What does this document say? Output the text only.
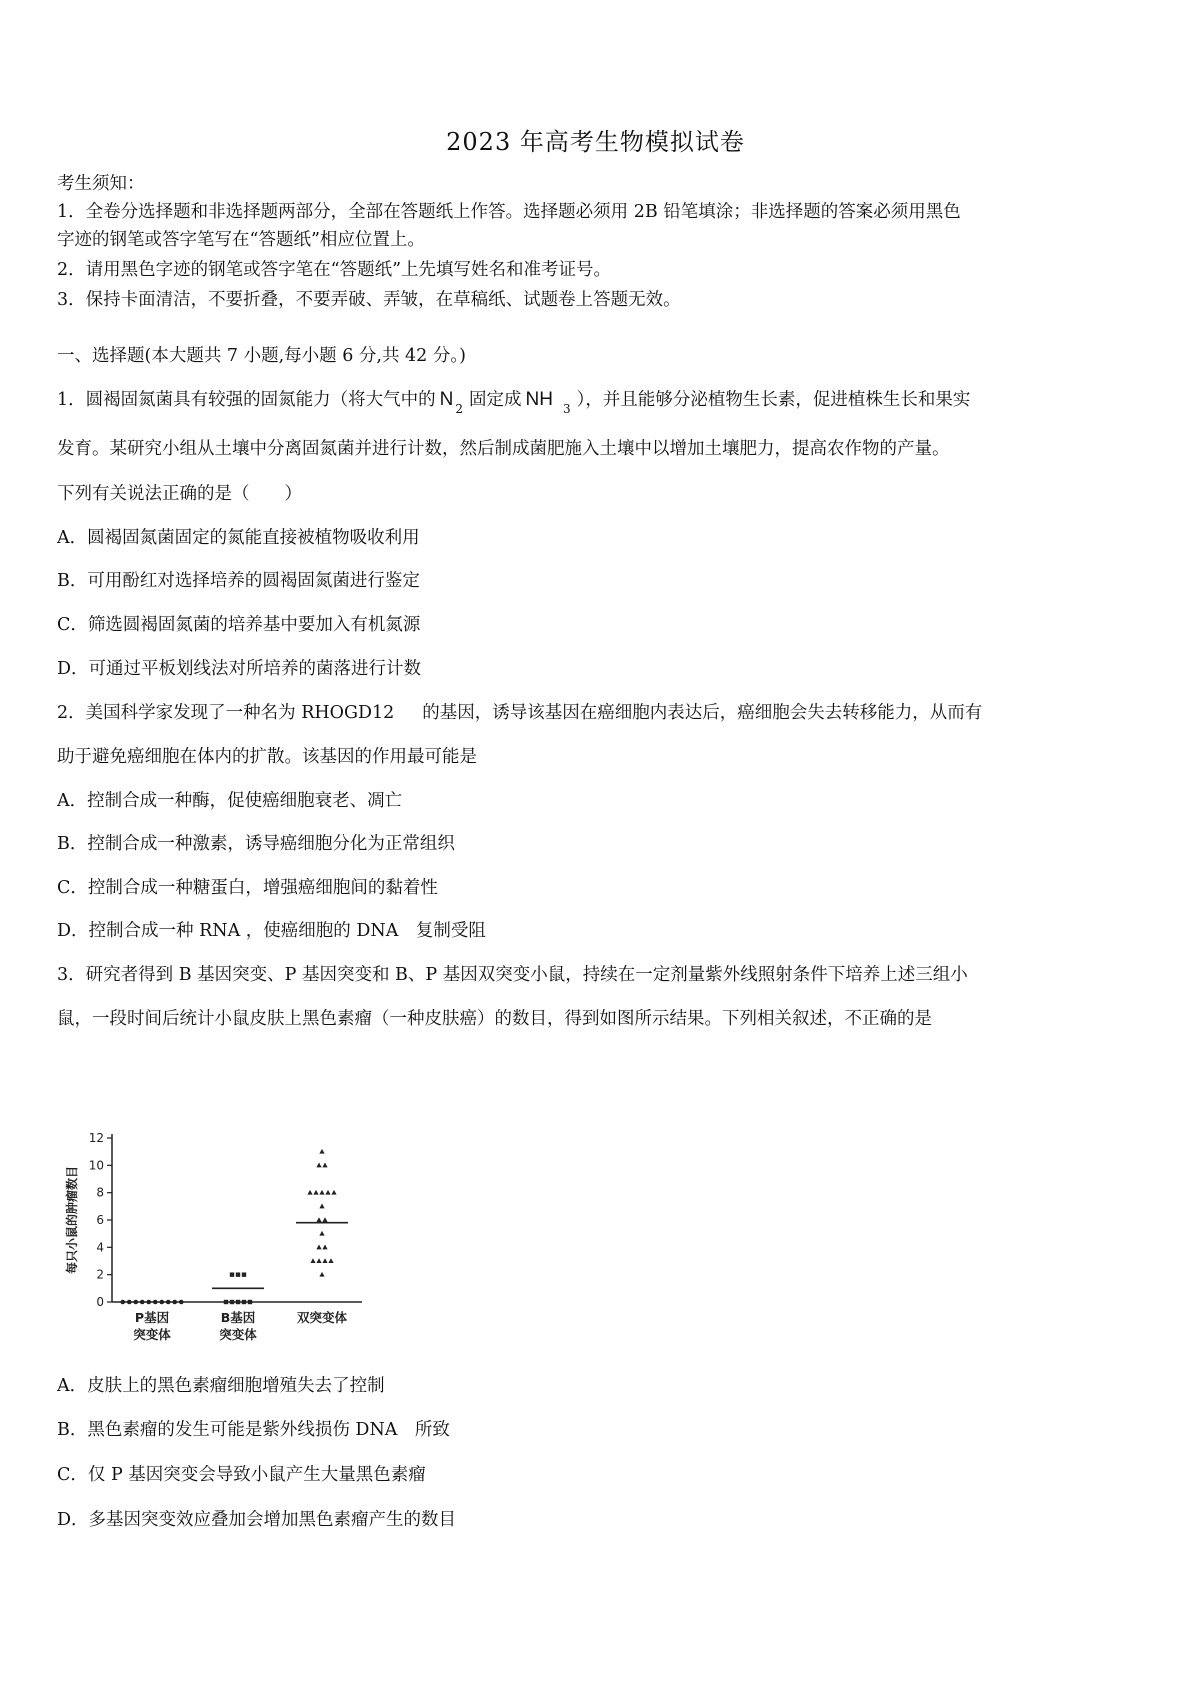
2023 年高考生物模拟试卷
考生须知：
1．全卷分选择题和非选择题两部分，全部在答题纸上作答。选择题必须用 2B 铅笔填涂；非选择题的答案必须用黑色
字迹的钢笔或答字笔写在“答题纸”相应位置上。
2．请用黑色字迹的钢笔或答字笔在“答题纸”上先填写姓名和准考证号。
3．保持卡面清洁，不要折叠，不要弄破、弄皱，在草稿纸、试题卷上答题无效。
一、选择题(本大题共 7 小题,每小题 6 分,共 42 分。)
1．圆褐固氮菌具有较强的固氮能力（将大气中的 N $_2$ 固定成 NH $_3$ ），并且能够分泌植物生长素，促进植株生长和果实
发育。某研究小组从土壤中分离固氮菌并进行计数，然后制成菌肥施入土壤中以增加土壤肥力，提高农作物的产量。
下列有关说法正确的是（　　）
A．圆褐固氮菌固定的氮能直接被植物吸收利用
B．可用酚红对选择培养的圆褐固氮菌进行鉴定
C．筛选圆褐固氮菌的培养基中要加入有机氮源
D．可通过平板划线法对所培养的菌落进行计数
2．美国科学家发现了一种名为 RHOGD12 的基因，诱导该基因在癌细胞内表达后，癌细胞会失去转移能力，从而有
助于避免癌细胞在体内的扩散。该基因的作用最可能是
A．控制合成一种酶，促使癌细胞衰老、凋亡
B．控制合成一种激素，诱导癌细胞分化为正常组织
C．控制合成一种糖蛋白，增强癌细胞间的黏着性
D．控制合成一种 RNA ，使癌细胞的 DNA　复制受阻
3．研究者得到 B 基因突变、P 基因突变和 B、P 基因双突变小鼠，持续在一定剂量紫外线照射条件下培养上述三组小
鼠，一段时间后统计小鼠皮肤上黑色素瘤（一种皮肤癌）的数目，得到如图所示结果。下列相关叙述，不正确的是
0
2
4
6
8
10
12
每只小鼠的肿瘤数目
P基因
突变体
B基因
突变体
双突变体
A．皮肤上的黑色素瘤细胞增殖失去了控制
B．黑色素瘤的发生可能是紫外线损伤 DNA　所致
C．仅 P 基因突变会导致小鼠产生大量黑色素瘤
D．多基因突变效应叠加会增加黑色素瘤产生的数目
